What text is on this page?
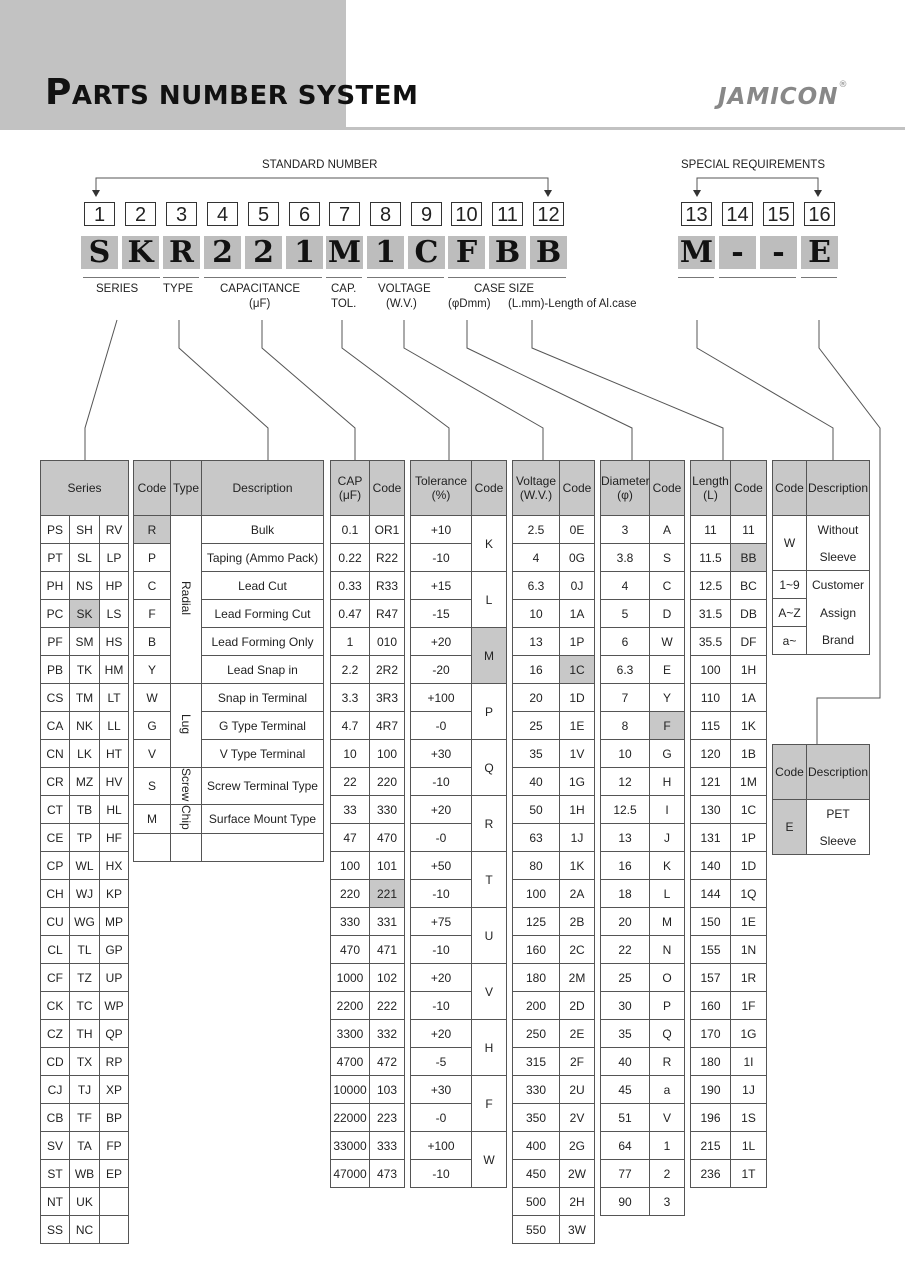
PARTS NUMBER SYSTEM	JAMICON®
STANDARD NUMBER	SPECIAL REQUIREMENTS
1	2	3	4	5	6	7	8	9	10 11 12	13 14 15 16
S K R 2 2 1 M 1 C F B B	M - - E
SERIES TYPE CAPACITANCE
(μF)
CAP.
TOL.
VOLTAGE
(W.V.)
CASE SIZE
(φDmm) (L.mm)-Length of Al.case
Series		
PS	SH	RV
PT	SL	LP
PH	NS	HP
PC	SK	LS
PF	SM	HS
PB	TK	HM
CS	TM	LT
CA	NK	LL
CN	LK	HT
CR	MZ	HV
CT	TB	HL
CE	TP	HF
CP	WL	HX
CH	WJ	KP
CU	WG	MP
CL	TL	GP
CF	TZ	UP
CK	TC	WP
CZ	TH	QP
CD	TX	RP
CJ	TJ	XP
CB	TF	BP
SV	TA	FP
ST	WB	EP
NT	UK	
SS	NC	
Code	Type	Description
R	Radial	Bulk

P		Taping (Ammo Pack)

C		Lead Cut

F		Lead Forming Cut

B		Lead Forming Only

Y		Lead Snap in

W	Lug	Snap in Terminal

G		G Type Terminal

V		V Type Terminal

S	Screw	Screw Terminal Type

M	Chip	Surface Mount Type

CAP
(μF)	Code
0.1	OR1
0.22	R22
0.33	R33
0.47	R47
1	010
2.2	2R2
3.3	3R3
4.7	4R7
10	100
22	220
33	330
47	470
100	101
220	221
330	331
470	471
1000	102
2200	222
3300	332
4700	472
10000	103
22000	223
33000	333
47000	473
Tolerance
(%)	Code
+10	K
-10	
+15	L
-15	
+20	M
-20	
+100	P
-0	
+30	Q
-10	
+20	R
-0	
+50	T
-10	
+75	U
-10	
+20	V
-10	
+20	H
-5	
+30	F
-0	
+100	W
-10	
Voltage
(W.V.)	Code
2.5	0E
4	0G
6.3	0J
10	1A
13	1P
16	1C
20	1D
25	1E
35	1V
40	1G
50	1H
63	1J
80	1K
100	2A
125	2B
160	2C
180	2M
200	2D
250	2E
315	2F
330	2U
350	2V
400	2G
450	2W
500	2H
550	3W
Diameter
(φ)	Code
3	A
3.8	S
4	C
5	D
6	W
6.3	E
7	Y
8	F
10	G
12	H
12.5	I
13	J
16	K
18	L
20	M
22	N
25	O
30	P
35	Q
40	R
45	a
51	V
64	1
77	2
90	3
Length
(L)	Code
11	11
11.5	BB
12.5	BC
31.5	DB
35.5	DF
100	1H
110	1A
115	1K
120	1B
121	1M
130	1C
131	1P
140	1D
144	1Q
150	1E
155	1N
157	1R
160	1F
170	1G
180	1I
190	1J
196	1S
215	1L
236	1T
Code	Description
W	Without
	Sleeve
1~9	Customer
A~Z	Assign
a~	Brand
Code	Description
E	PET
	Sleeve
